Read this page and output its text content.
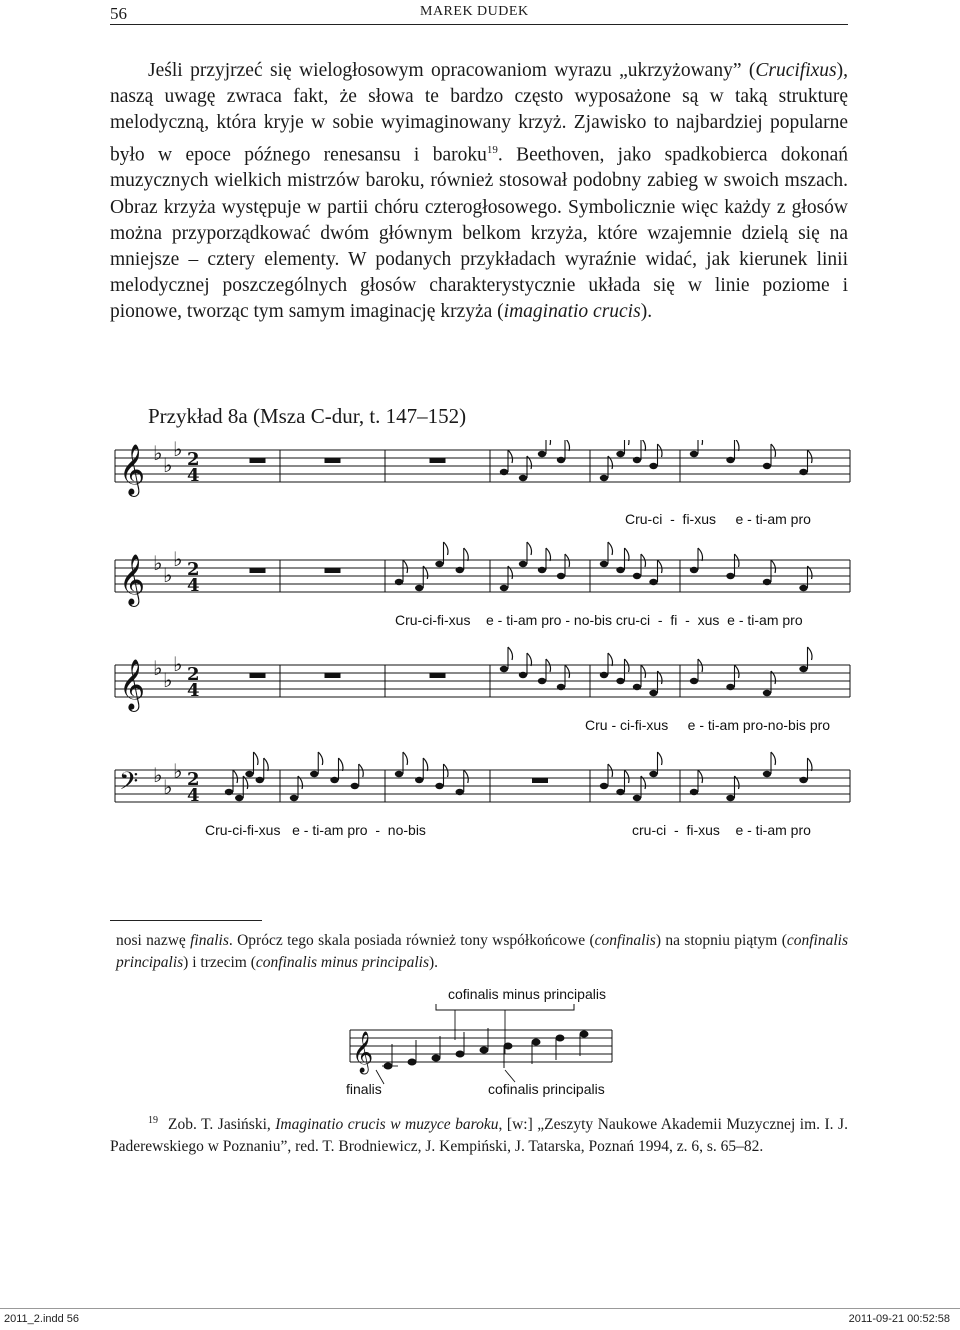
56	MAREK DUDEK

Jeśli przyjrzeć się wielogłosowym opracowaniom wyrazu „ukrzyżowany” (Crucifixus), naszą uwagę zwraca fakt, że słowa te bardzo często wyposażone są w taką strukturę melodyczną, która kryje w sobie wyimaginowany krzyż. Zjawisko to najbardziej popularne było w epoce późnego renesansu i baroku$^{19}$. Beethoven, jako spadkobierca dokonań muzycznych wielkich mistrzów baroku, również stosował podobny zabieg w swoich mszach. Obraz krzyża występuje w partii chóru czterogłosowego. Symbolicznie więc każdy z głosów można przyporządkować dwóm głównym belkom krzyża, które wzajemnie dzielą się na mniejsze – cztery elementy. W podanych przykładach wyraźnie widać, jak kierunek linii melodycznej poszczególnych głosów charakterystycznie układa się w linie poziome i pionowe, tworząc tym samym imaginację krzyża (imaginatio crucis).

Przykład 8a (Msza C-dur, t. 147–152)
𝄞 ♭ ♭
♭ 2
4
𝄞 ♭ ♭
♭ 2
4
𝄞 ♭ ♭
♭ 2
4
𝄢 ♭ ♭
♭ 2
4
Cru-ci  -  fi-xus     e - ti-am pro
Cru-ci-fi-xus    e - ti-am pro - no-bis cru-ci  -  fi  -  xus  e - ti-am pro
Cru - ci-fi-xus     e - ti-am pro-no-bis pro
Cru-ci-fi-xus   e - ti-am pro  -  no-bis	cru-ci  -  fi-xus    e - ti-am pro

nosi nazwę finalis. Oprócz tego skala posiada również tony współkońcowe (confinalis) na stopniu piątym (confinalis principalis) i trzecim (confinalis minus principalis).

cofinalis minus principalis
𝄞
finalis	cofinalis principalis

$^{19}$ Zob. T. Jasiński, Imaginatio crucis w muzyce baroku, [w:] „Zeszyty Naukowe Akademii Muzycznej im. I. J. Paderewskiego w Poznaniu”, red. T. Brodniewicz, J. Kempiński, J. Tatarska, Poznań 1994, z. 6, s. 65–82.

2011_2.indd 56	2011-09-21 00:52:58
